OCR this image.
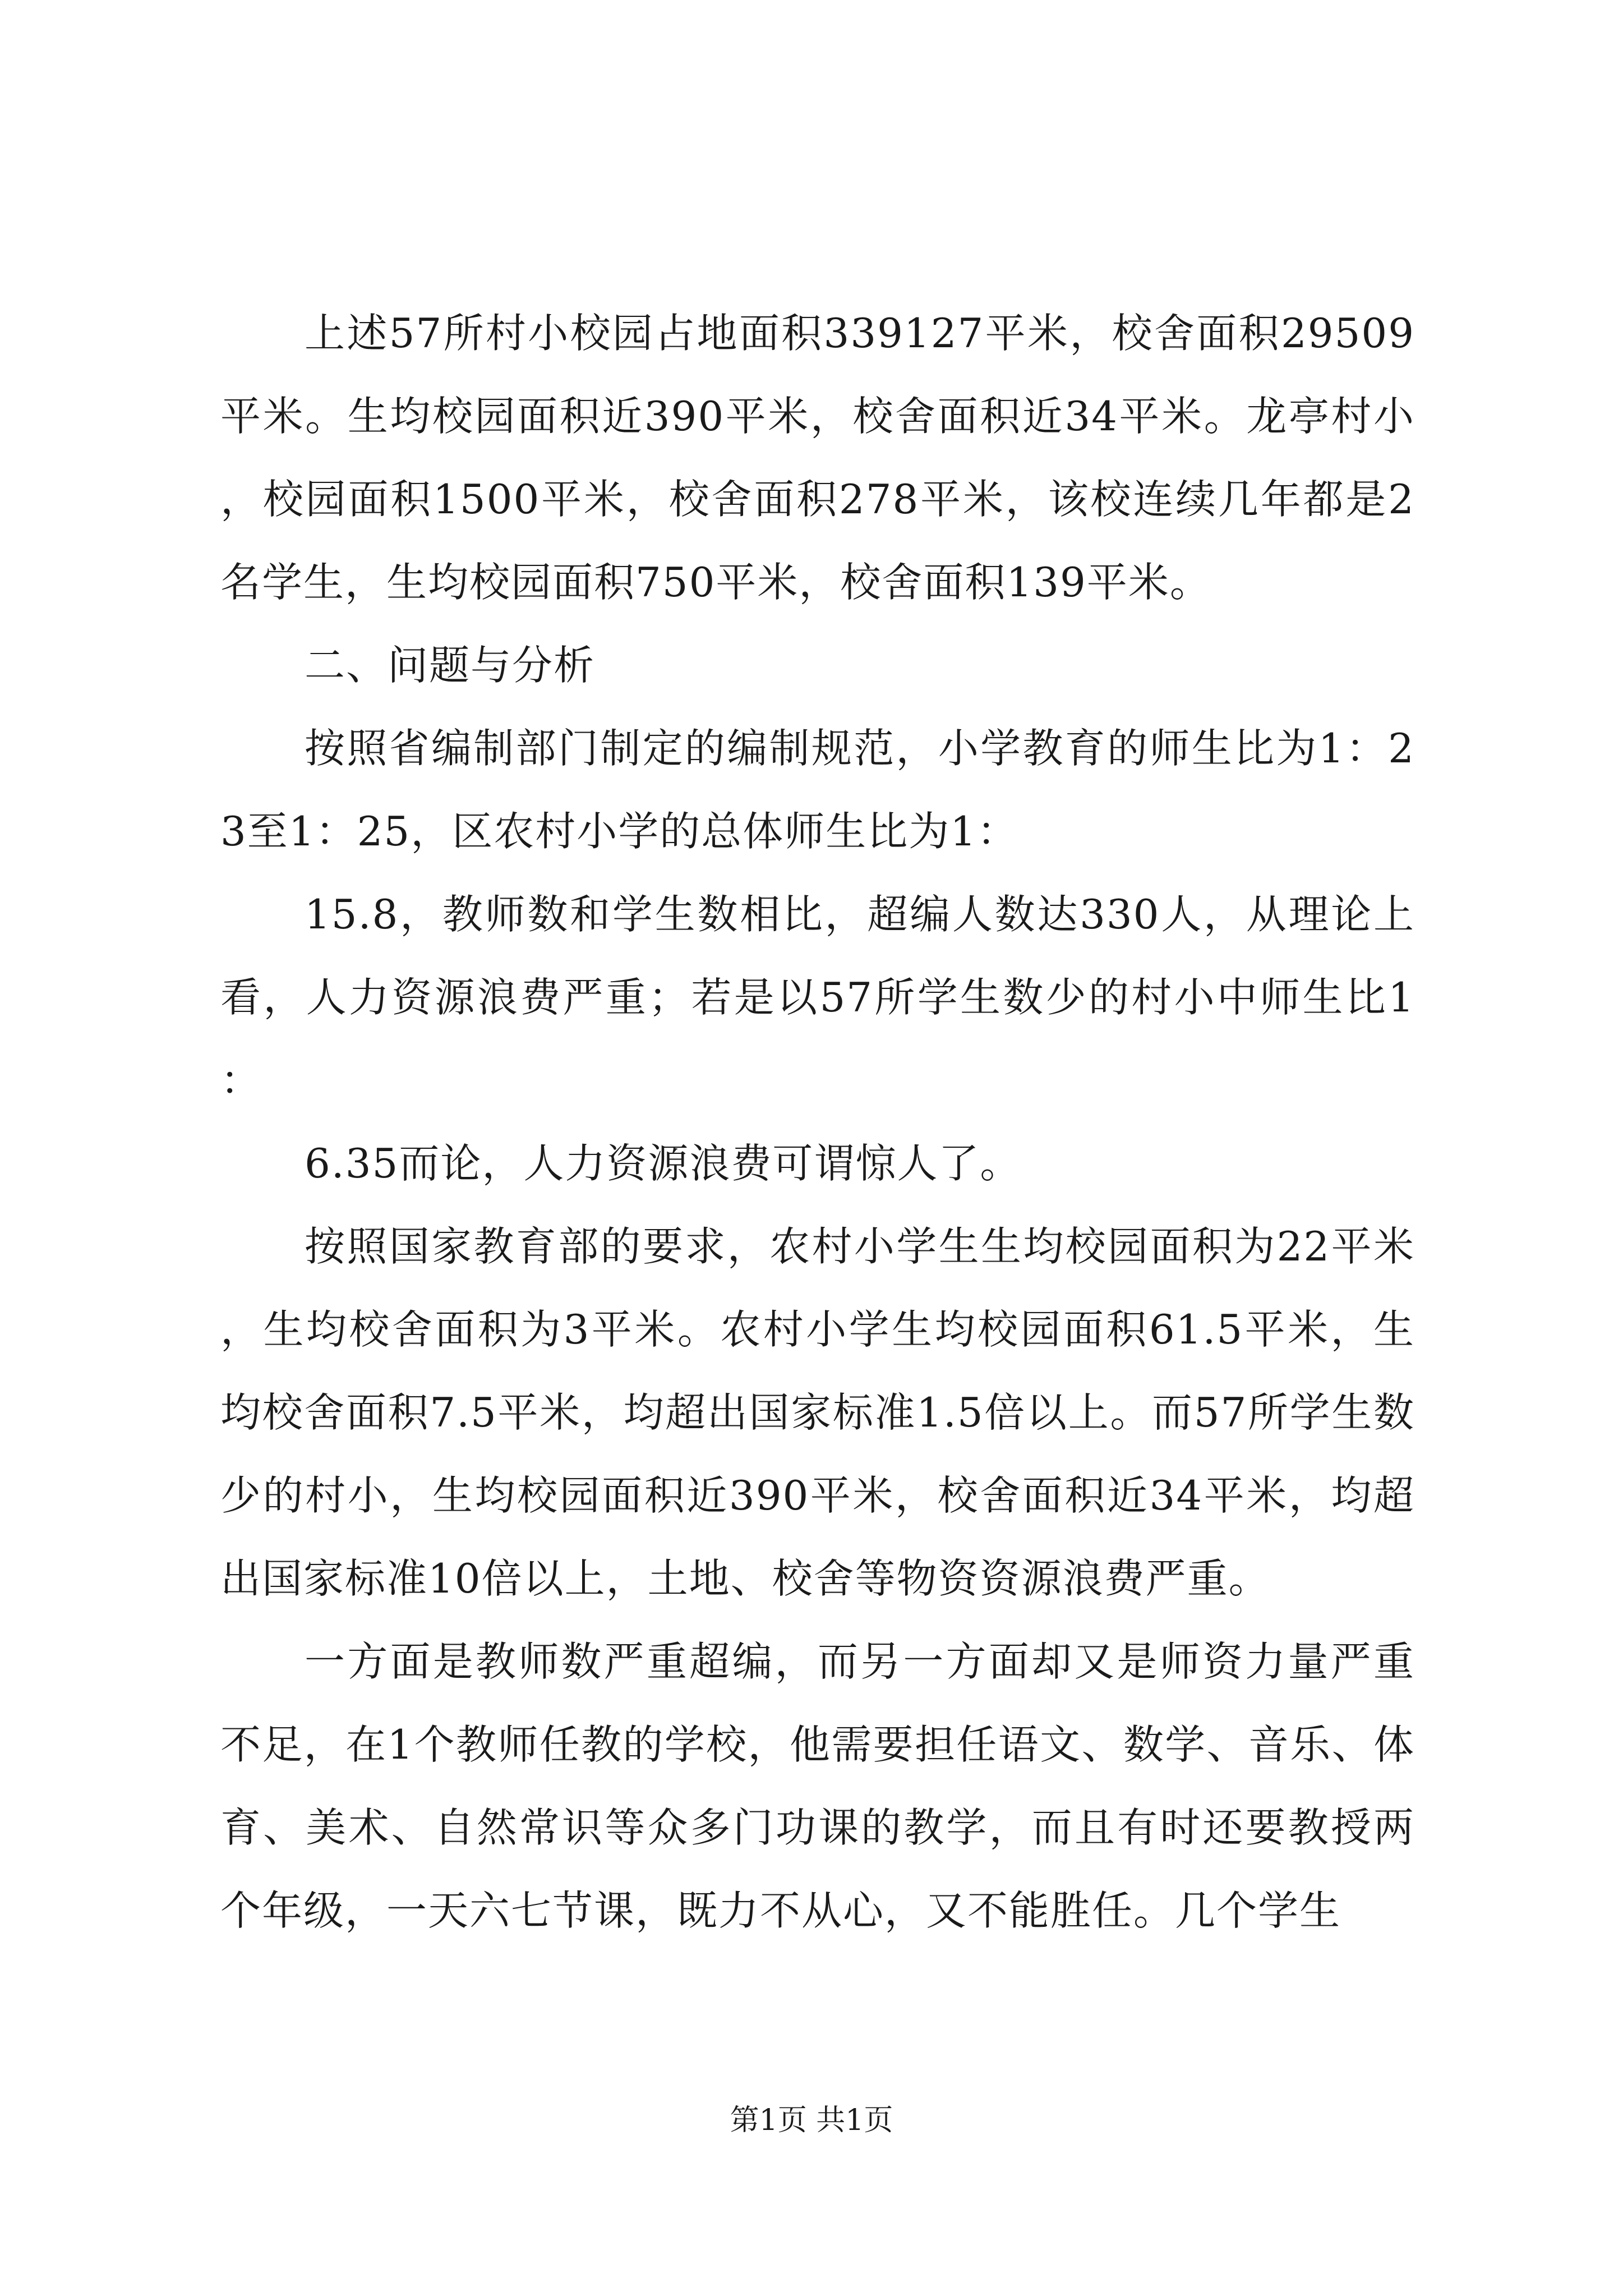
上述57所村小校园占地面积339127平米，校舍面积29509平米。生均校园面积近390平米，校舍面积近34平米。龙亭村小，校园面积1500平米，校舍面积278平米，该校连续几年都是2名学生，生均校园面积750平米，校舍面积139平米。

二、问题与分析

按照省编制部门制定的编制规范，小学教育的师生比为1：23至1：25，区农村小学的总体师生比为1：

15.8，教师数和学生数相比，超编人数达330人，从理论上看，人力资源浪费严重；若是以57所学生数少的村小中师生比1：

6.35而论，人力资源浪费可谓惊人了。

按照国家教育部的要求，农村小学生生均校园面积为22平米，生均校舍面积为3平米。农村小学生均校园面积61.5平米，生均校舍面积7.5平米，均超出国家标准1.5倍以上。而57所学生数少的村小，生均校园面积近390平米，校舍面积近34平米，均超出国家标准10倍以上，土地、校舍等物资资源浪费严重。

一方面是教师数严重超编，而另一方面却又是师资力量严重不足，在1个教师任教的学校，他需要担任语文、数学、音乐、体育、美术、自然常识等众多门功课的教学，而且有时还要教授两个年级，一天六七节课，既力不从心，又不能胜任。几个学生

第1页 共1页
